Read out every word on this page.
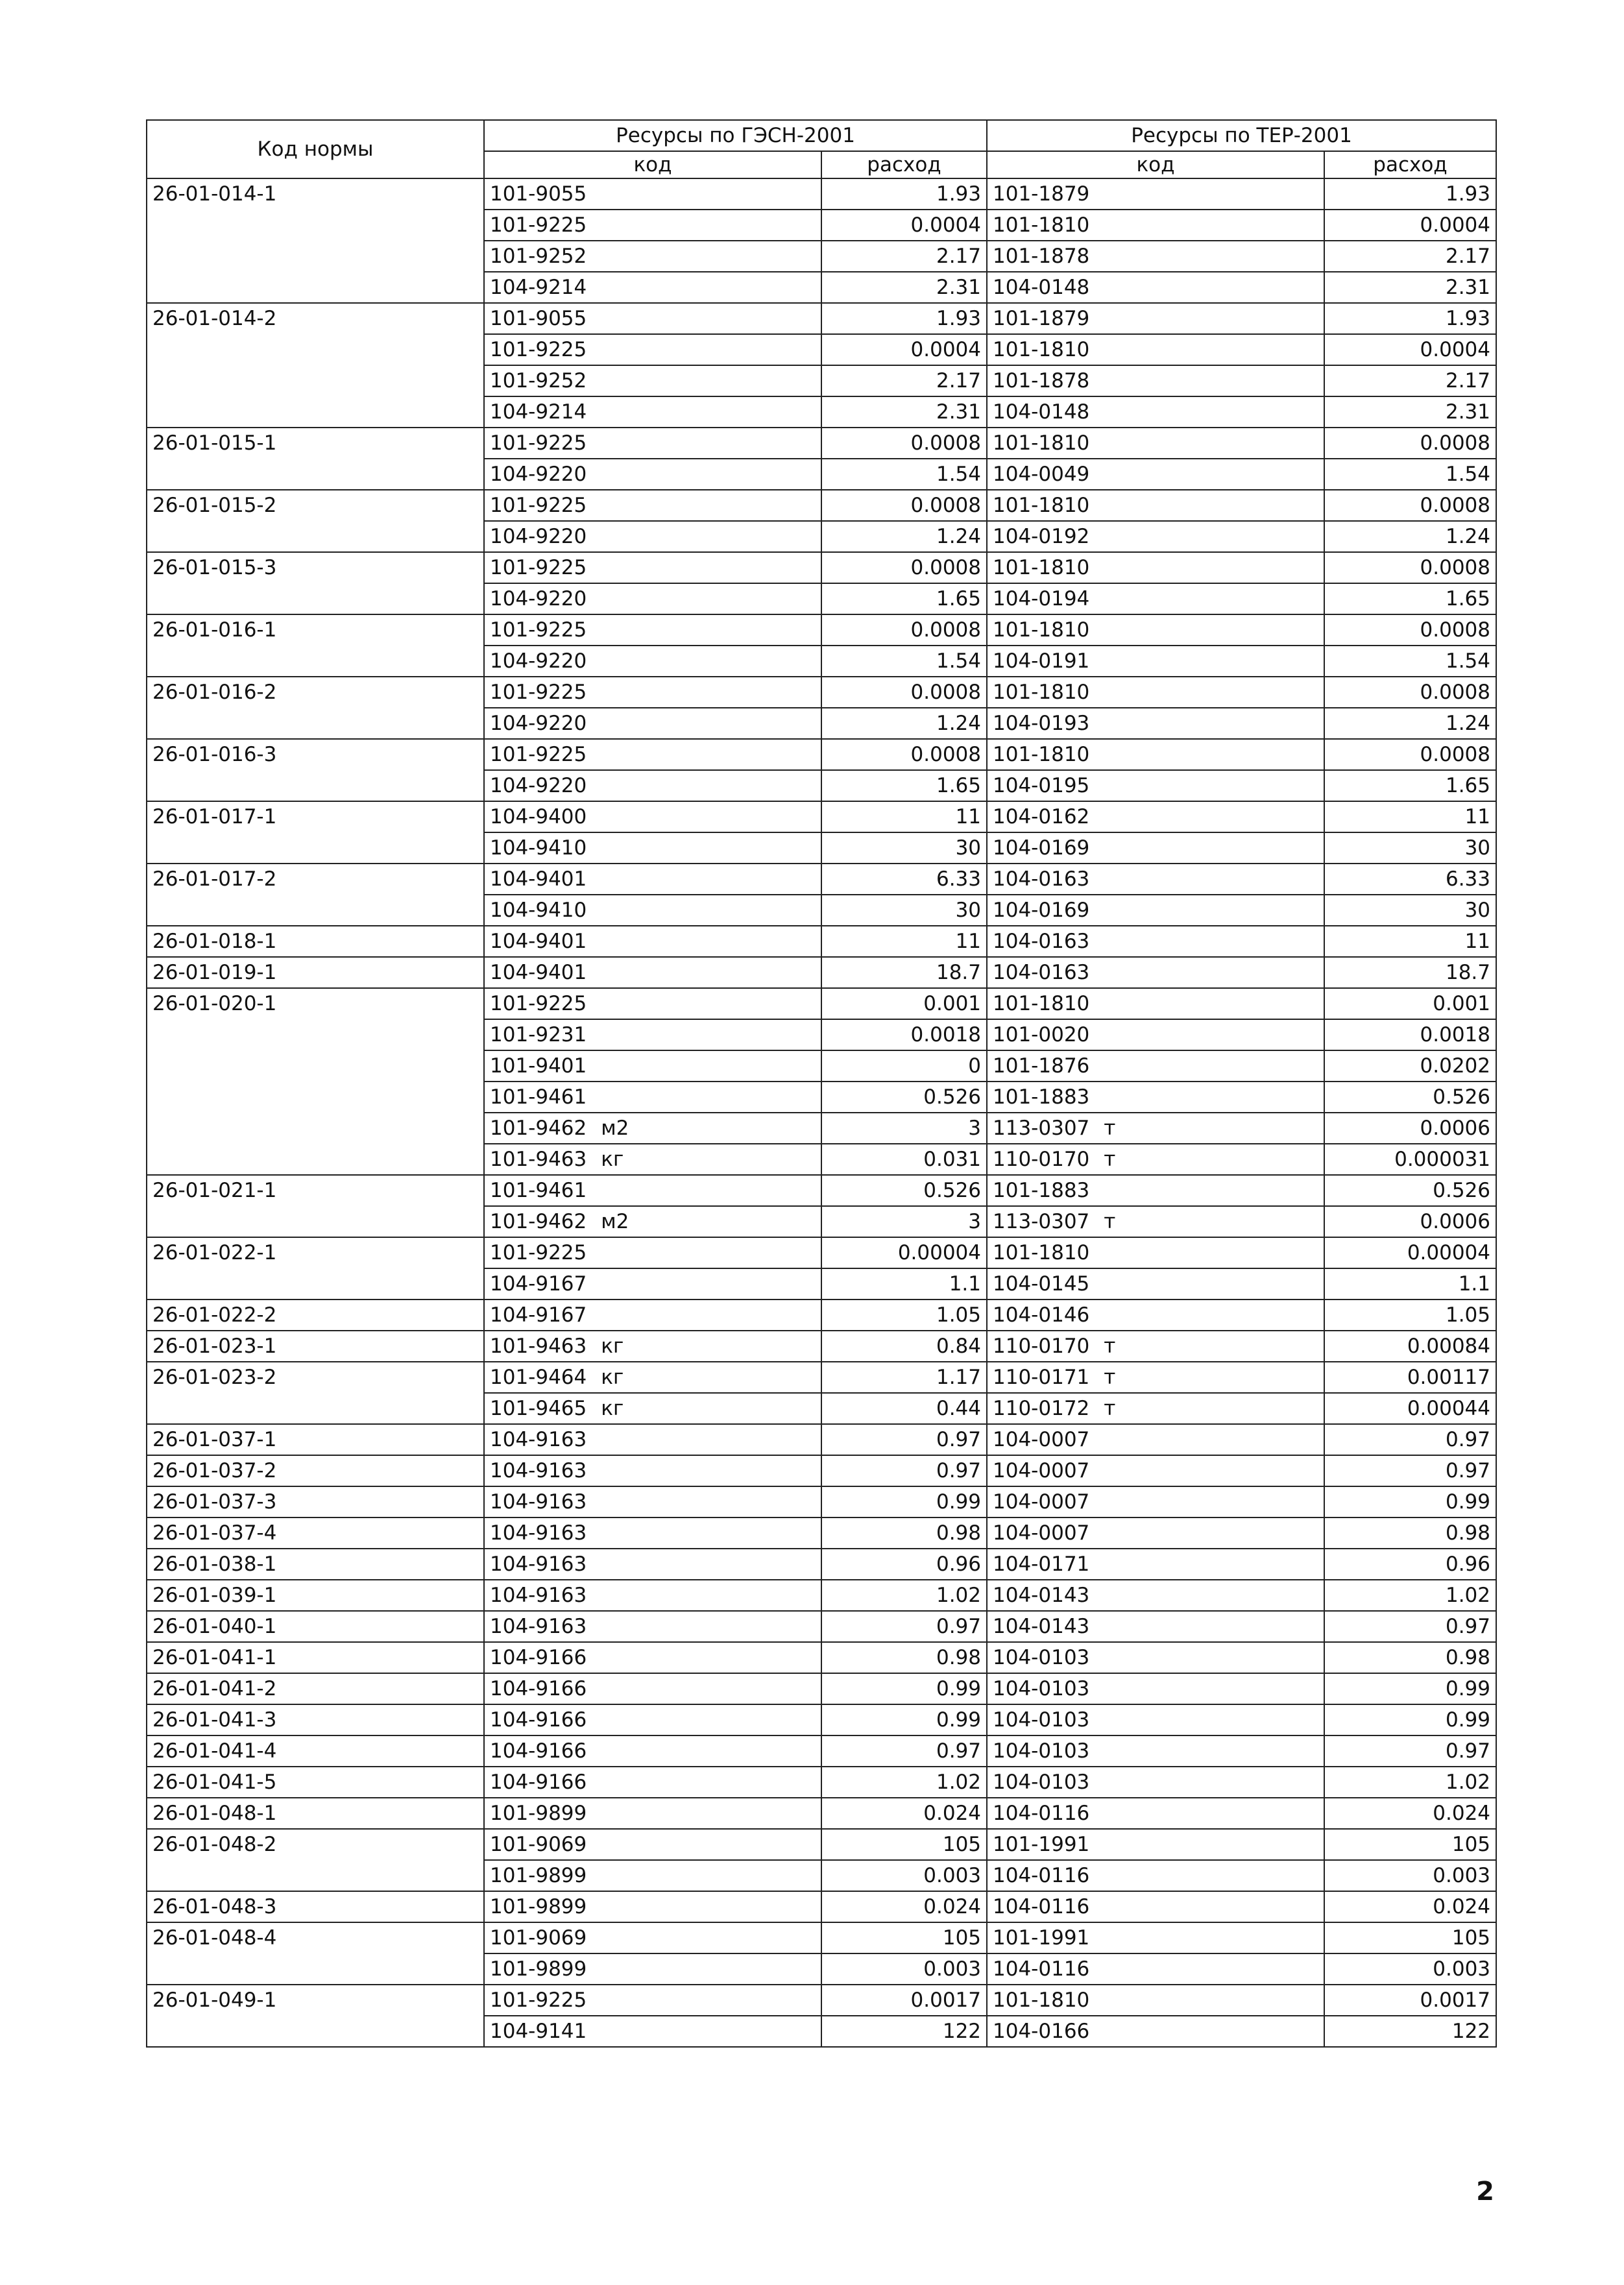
Код нормы	Ресурсы по ГЭСН-2001		Ресурсы по ТЕР-2001	
	код	расход	код	расход
26-01-014-1	101-9055	1.93	101-1879	1.93
	101-9225	0.0004	101-1810	0.0004
	101-9252	2.17	101-1878	2.17
	104-9214	2.31	104-0148	2.31
26-01-014-2	101-9055	1.93	101-1879	1.93
	101-9225	0.0004	101-1810	0.0004
	101-9252	2.17	101-1878	2.17
	104-9214	2.31	104-0148	2.31
26-01-015-1	101-9225	0.0008	101-1810	0.0008
	104-9220	1.54	104-0049	1.54
26-01-015-2	101-9225	0.0008	101-1810	0.0008
	104-9220	1.24	104-0192	1.24
26-01-015-3	101-9225	0.0008	101-1810	0.0008
	104-9220	1.65	104-0194	1.65
26-01-016-1	101-9225	0.0008	101-1810	0.0008
	104-9220	1.54	104-0191	1.54
26-01-016-2	101-9225	0.0008	101-1810	0.0008
	104-9220	1.24	104-0193	1.24
26-01-016-3	101-9225	0.0008	101-1810	0.0008
	104-9220	1.65	104-0195	1.65
26-01-017-1	104-9400	11	104-0162	11
	104-9410	30	104-0169	30
26-01-017-2	104-9401	6.33	104-0163	6.33
	104-9410	30	104-0169	30
26-01-018-1	104-9401	11	104-0163	11
26-01-019-1	104-9401	18.7	104-0163	18.7
26-01-020-1	101-9225	0.001	101-1810	0.001
	101-9231	0.0018	101-0020	0.0018
	101-9401	0	101-1876	0.0202
	101-9461	0.526	101-1883	0.526
	101-9462 м2	3	113-0307 т	0.0006
	101-9463 кг	0.031	110-0170 т	0.000031
26-01-021-1	101-9461	0.526	101-1883	0.526
	101-9462 м2	3	113-0307 т	0.0006
26-01-022-1	101-9225	0.00004	101-1810	0.00004
	104-9167	1.1	104-0145	1.1
26-01-022-2	104-9167	1.05	104-0146	1.05
26-01-023-1	101-9463 кг	0.84	110-0170 т	0.00084
26-01-023-2	101-9464 кг	1.17	110-0171 т	0.00117
	101-9465 кг	0.44	110-0172 т	0.00044
26-01-037-1	104-9163	0.97	104-0007	0.97
26-01-037-2	104-9163	0.97	104-0007	0.97
26-01-037-3	104-9163	0.99	104-0007	0.99
26-01-037-4	104-9163	0.98	104-0007	0.98
26-01-038-1	104-9163	0.96	104-0171	0.96
26-01-039-1	104-9163	1.02	104-0143	1.02
26-01-040-1	104-9163	0.97	104-0143	0.97
26-01-041-1	104-9166	0.98	104-0103	0.98
26-01-041-2	104-9166	0.99	104-0103	0.99
26-01-041-3	104-9166	0.99	104-0103	0.99
26-01-041-4	104-9166	0.97	104-0103	0.97
26-01-041-5	104-9166	1.02	104-0103	1.02
26-01-048-1	101-9899	0.024	104-0116	0.024
26-01-048-2	101-9069	105	101-1991	105
	101-9899	0.003	104-0116	0.003
26-01-048-3	101-9899	0.024	104-0116	0.024
26-01-048-4	101-9069	105	101-1991	105
	101-9899	0.003	104-0116	0.003
26-01-049-1	101-9225	0.0017	101-1810	0.0017
	104-9141	122	104-0166	122
2
